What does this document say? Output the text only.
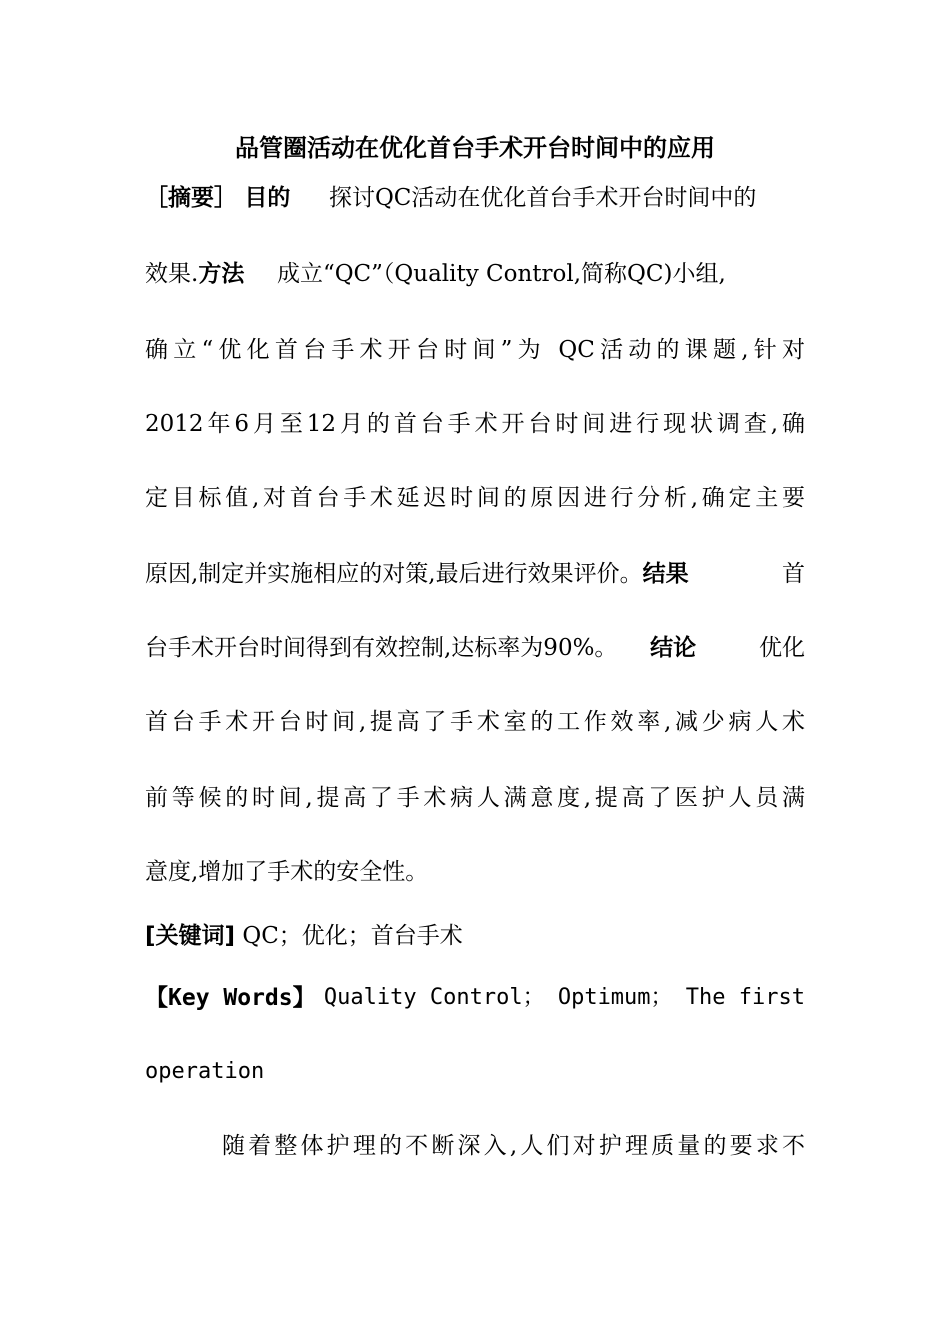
品管圈活动在优化首台手术开台时间中的应用
［摘要］ 目的 探讨QC活动在优化首台手术开台时间中的
效果.方法 成立“QC”（Quality Control,简称QC)小组,
确立“优化首台手术开台时间”为 QC活动的课题,针对
2012年6月至12月的首台手术开台时间进行现状调查,确
定目标值,对首台手术延迟时间的原因进行分析,确定主要
原因,制定并实施相应的对策,最后进行效果评价。结果	首
台手术开台时间得到有效控制,达标率为90%。 结论	优化
首台手术开台时间,提高了手术室的工作效率,减少病人术
前等候的时间,提高了手术病人满意度,提高了医护人员满
意度,增加了手术的安全性。
[关键词] QC；优化；首台手术
【Key Words】 Quality Control； Optimum； The first
operation
随着整体护理的不断深入,人们对护理质量的要求不
